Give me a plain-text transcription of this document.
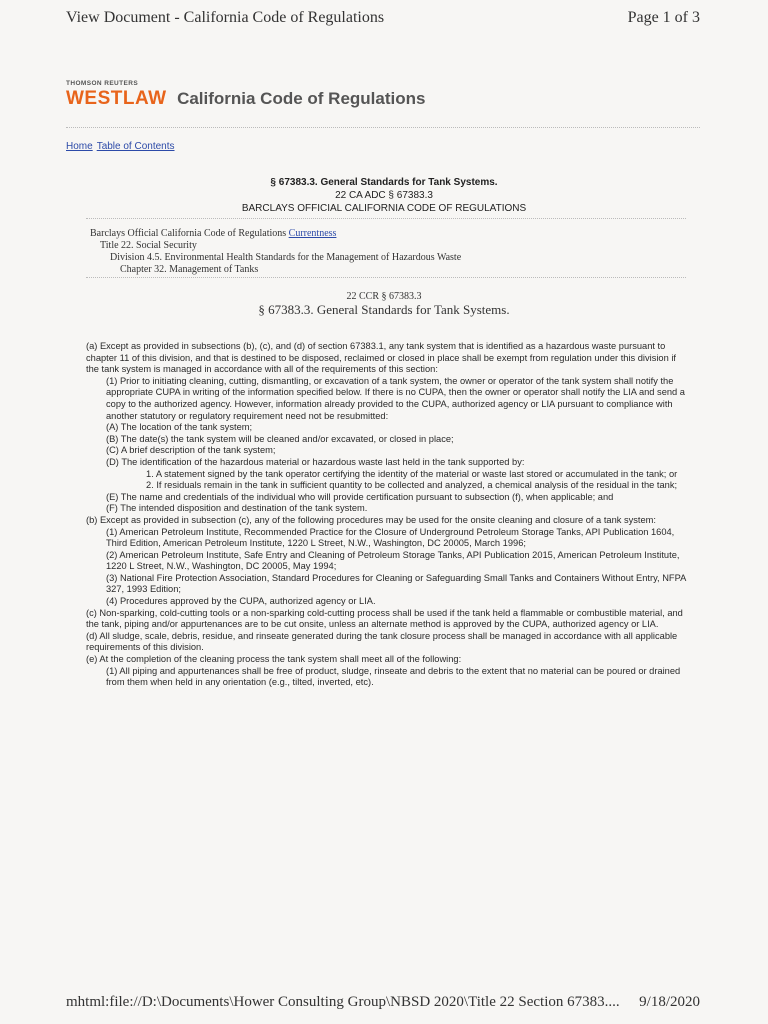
View Document - California Code of Regulations	Page 1 of 3
THOMSON REUTERS
WESTLAW California Code of Regulations
Home Table of Contents
§ 67383.3. General Standards for Tank Systems.
22 CA ADC § 67383.3
BARCLAYS OFFICIAL CALIFORNIA CODE OF REGULATIONS
Barclays Official California Code of Regulations Currentness
Title 22. Social Security
Division 4.5. Environmental Health Standards for the Management of Hazardous Waste
Chapter 32. Management of Tanks
22 CCR § 67383.3
§ 67383.3. General Standards for Tank Systems.

(a) Except as provided in subsections (b), (c), and (d) of section 67383.1, any tank system that is identified as a hazardous waste pursuant to chapter 11 of this division, and that is destined to be disposed, reclaimed or closed in place shall be exempt from regulation under this division if the tank system is managed in accordance with all of the requirements of this section:

(1) Prior to initiating cleaning, cutting, dismantling, or excavation of a tank system, the owner or operator of the tank system shall notify the appropriate CUPA in writing of the information specified below. If there is no CUPA, then the owner or operator shall notify the LIA and send a copy to the authorized agency. However, information already provided to the CUPA, authorized agency or LIA pursuant to compliance with another statutory or regulatory requirement need not be resubmitted:

(A) The location of the tank system;

(B) The date(s) the tank system will be cleaned and/or excavated, or closed in place;

(C) A brief description of the tank system;

(D) The identification of the hazardous material or hazardous waste last held in the tank supported by:

1. A statement signed by the tank operator certifying the identity of the material or waste last stored or accumulated in the tank; or

2. If residuals remain in the tank in sufficient quantity to be collected and analyzed, a chemical analysis of the residual in the tank;

(E) The name and credentials of the individual who will provide certification pursuant to subsection (f), when applicable; and

(F) The intended disposition and destination of the tank system.

(b) Except as provided in subsection (c), any of the following procedures may be used for the onsite cleaning and closure of a tank system:

(1) American Petroleum Institute, Recommended Practice for the Closure of Underground Petroleum Storage Tanks, API Publication 1604, Third Edition, American Petroleum Institute, 1220 L Street, N.W., Washington, DC 20005, March 1996;

(2) American Petroleum Institute, Safe Entry and Cleaning of Petroleum Storage Tanks, API Publication 2015, American Petroleum Institute, 1220 L Street, N.W., Washington, DC 20005, May 1994;

(3) National Fire Protection Association, Standard Procedures for Cleaning or Safeguarding Small Tanks and Containers Without Entry, NFPA 327, 1993 Edition;

(4) Procedures approved by the CUPA, authorized agency or LIA.

(c) Non-sparking, cold-cutting tools or a non-sparking cold-cutting process shall be used if the tank held a flammable or combustible material, and the tank, piping and/or appurtenances are to be cut onsite, unless an alternate method is approved by the CUPA, authorized agency or LIA.

(d) All sludge, scale, debris, residue, and rinseate generated during the tank closure process shall be managed in accordance with all applicable requirements of this division.

(e) At the completion of the cleaning process the tank system shall meet all of the following:

(1) All piping and appurtenances shall be free of product, sludge, rinseate and debris to the extent that no material can be poured or drained from them when held in any orientation (e.g., tilted, inverted, etc).

mhtml:file://D:\Documents\Hower Consulting Group\NBSD 2020\Title 22 Section 67383.... 9/18/2020
